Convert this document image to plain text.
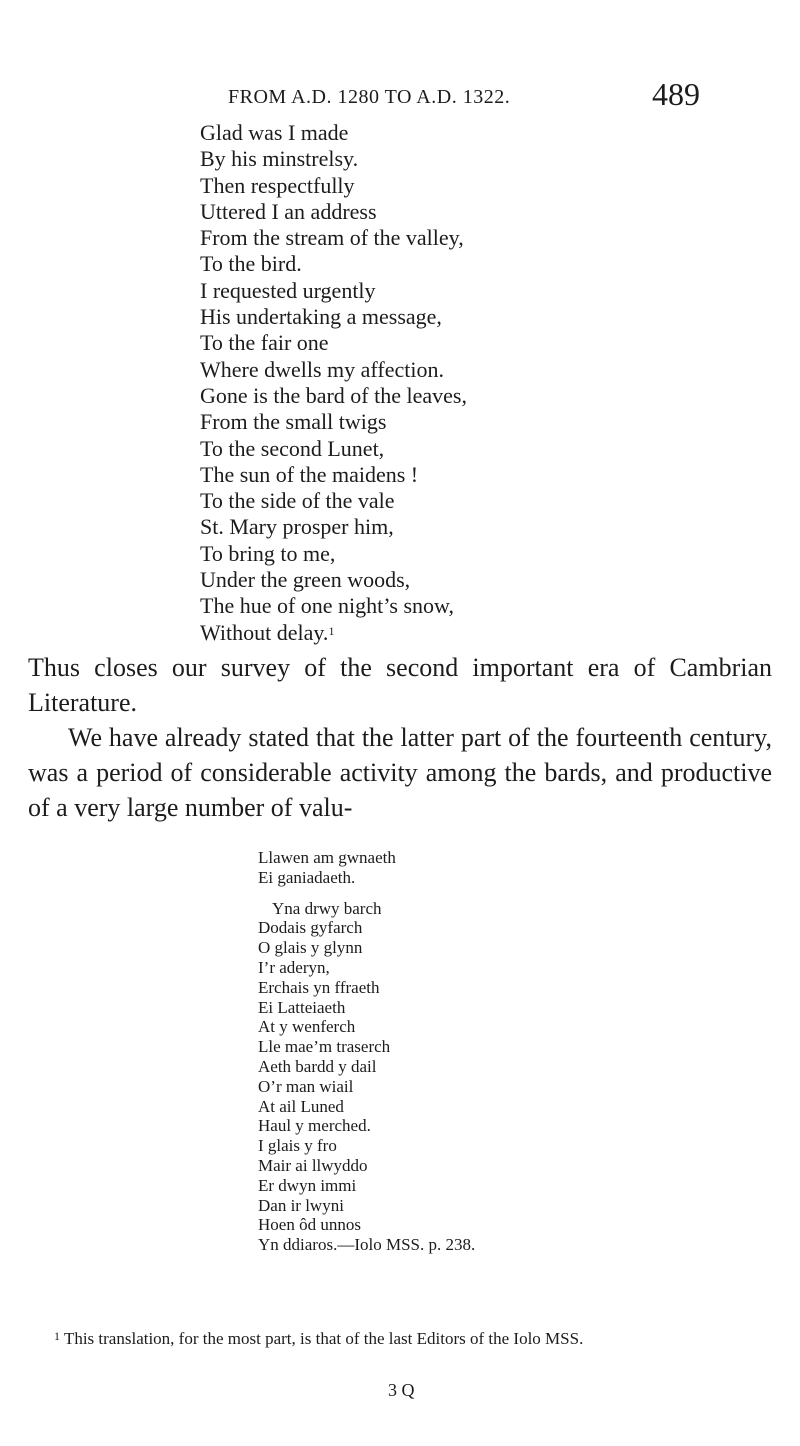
FROM A.D. 1280 TO A.D. 1322.	489
Glad was I made
By his minstrelsy.
Then respectfully
Uttered I an address
From the stream of the valley,
To the bird.
I requested urgently
His undertaking a message,
To the fair one
Where dwells my affection.
Gone is the bard of the leaves,
From the small twigs
To the second Lunet,
The sun of the maidens !
To the side of the vale
St. Mary prosper him,
To bring to me,
Under the green woods,
The hue of one night’s snow,
Without delay.$^1$

Thus closes our survey of the second important era of Cambrian Literature.

We have already stated that the latter part of the fourteenth century, was a period of considerable activity among the bards, and productive of a very large number of valu-

Llawen am gwnaeth
Ei ganiadaeth.
Yna drwy barch
Dodais gyfarch
O glais y glynn
I’r aderyn,
Erchais yn ffraeth
Ei Latteiaeth
At y wenferch
Lle mae’m traserch
Aeth bardd y dail
O’r man wiail
At ail Luned
Haul y merched.
I glais y fro
Mair ai llwyddo
Er dwyn immi
Dan ir lwyni
Hoen ôd unnos
Yn ddiaros.—Iolo MSS. p. 238.
$^1$ This translation, for the most part, is that of the last Editors of the Iolo MSS.
3 Q
